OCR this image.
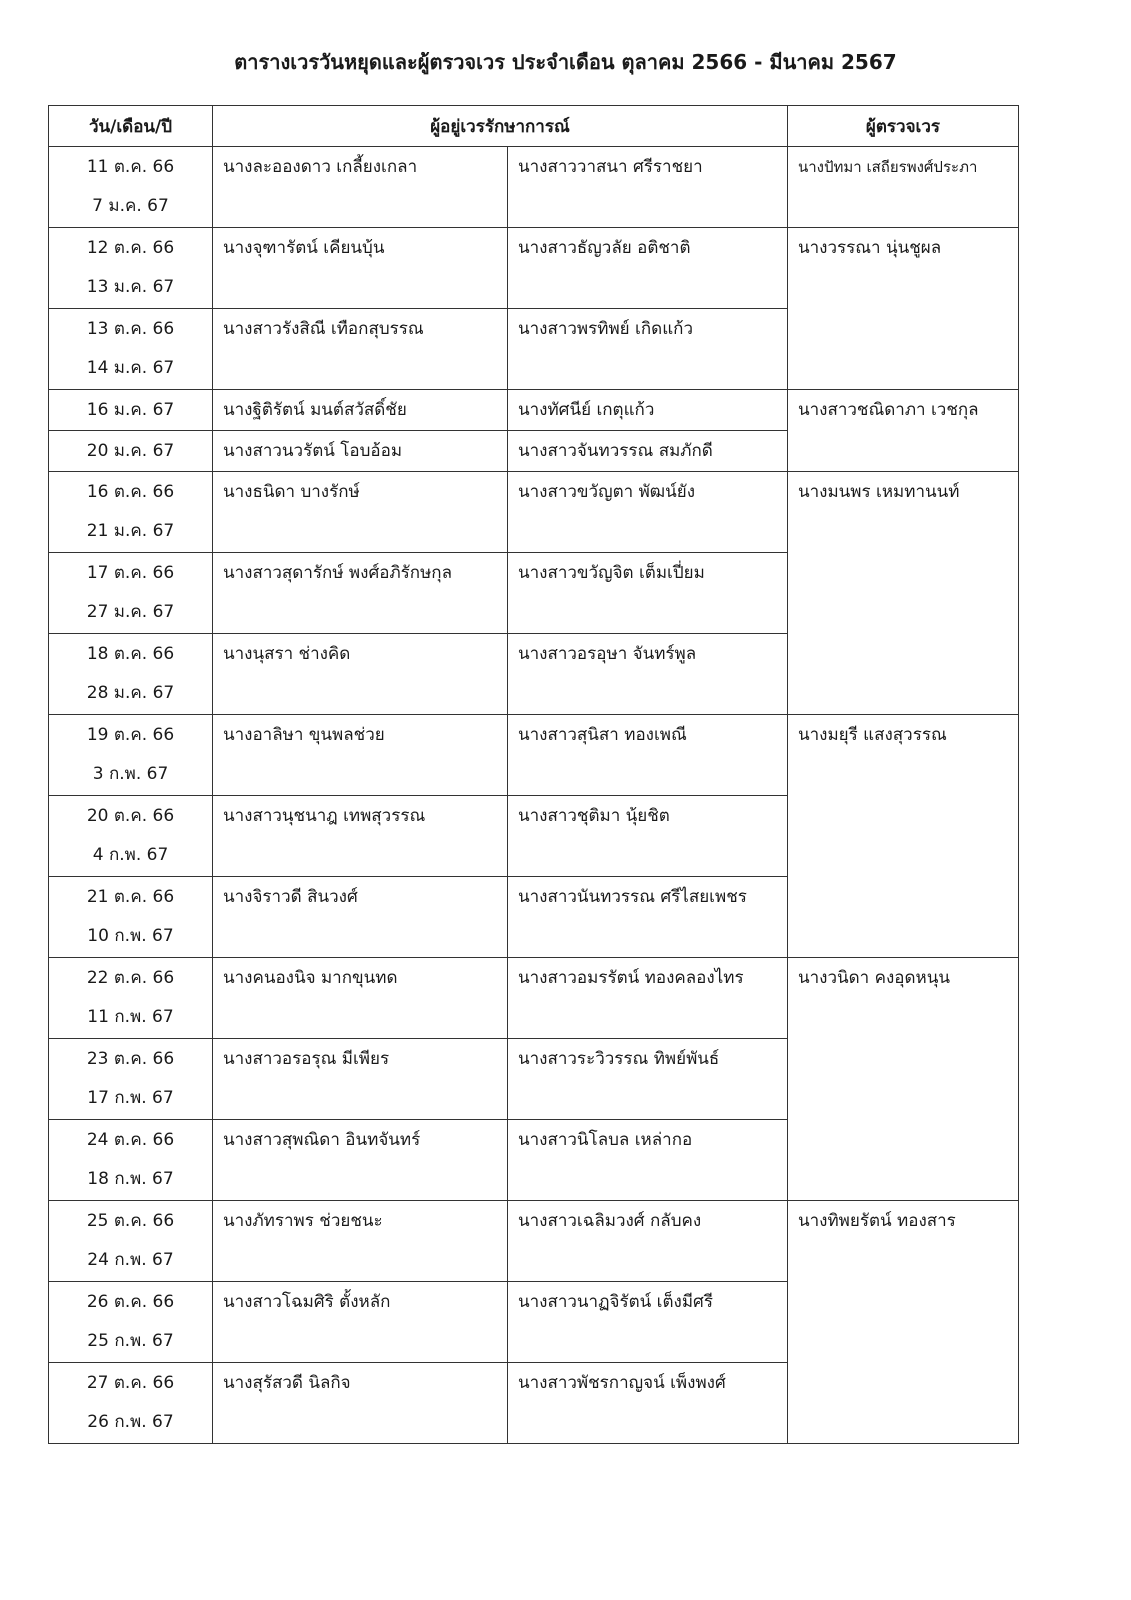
ตารางเวรวันหยุดและผู้ตรวจเวร ประจำเดือน ตุลาคม 2566 - มีนาคม 2567
วัน/เดือน/ปี	ผู้อยู่เวรรักษาการณ์		ผู้ตรวจเวร

11 ต.ค. 66
7 ม.ค. 67	นางละอองดาว เกลี้ยงเกลา	นางสาววาสนา ศรีราชยา	นางปัทมา เสถียรพงศ์ประภา

12 ต.ค. 66
13 ม.ค. 67	นางจุฑารัตน์ เคียนบุ้น	นางสาวธัญวลัย อติชาติ	นางวรรณา นุ่นชูผล

13 ต.ค. 66
14 ม.ค. 67	นางสาวรังสิณี เทือกสุบรรณ	นางสาวพรทิพย์ เกิดแก้ว	

16 ม.ค. 67	นางฐิติรัตน์ มนต์สวัสดิ์ชัย	นางทัศนีย์ เกตุแก้ว	นางสาวชณิดาภา เวชกุล

20 ม.ค. 67	นางสาวนวรัตน์ โอบอ้อม	นางสาวจันทวรรณ สมภักดี	

16 ต.ค. 66
21 ม.ค. 67	นางธนิดา บางรักษ์	นางสาวขวัญตา พัฒน์ยัง	นางมนพร เหมทานนท์

17 ต.ค. 66
27 ม.ค. 67	นางสาวสุดารักษ์ พงศ์อภิรักษกุล	นางสาวขวัญจิต เต็มเปี่ยม	

18 ต.ค. 66
28 ม.ค. 67	นางนุสรา ช่างคิด	นางสาวอรอุษา จันทร์พูล	

19 ต.ค. 66
3 ก.พ. 67	นางอาลิษา ขุนพลช่วย	นางสาวสุนิสา ทองเพณี	นางมยุรี แสงสุวรรณ

20 ต.ค. 66
4 ก.พ. 67	นางสาวนุชนาฎ เทพสุวรรณ	นางสาวชุติมา นุ้ยชิต	

21 ต.ค. 66
10 ก.พ. 67	นางจิราวดี สินวงศ์	นางสาวนันทวรรณ ศรีไสยเพชร	

22 ต.ค. 66
11 ก.พ. 67	นางคนองนิจ มากขุนทด	นางสาวอมรรัตน์ ทองคลองไทร	นางวนิดา คงอุดหนุน

23 ต.ค. 66
17 ก.พ. 67	นางสาวอรอรุณ มีเพียร	นางสาวระวิวรรณ ทิพย์พันธ์	

24 ต.ค. 66
18 ก.พ. 67	นางสาวสุพณิดา อินทจันทร์	นางสาวนิโลบล เหล่ากอ	

25 ต.ค. 66
24 ก.พ. 67	นางภัทราพร ช่วยชนะ	นางสาวเฉลิมวงศ์ กลับคง	นางทิพยรัตน์ ทองสาร

26 ต.ค. 66
25 ก.พ. 67	นางสาวโฉมศิริ ตั้งหลัก	นางสาวนาฏจิรัตน์ เต็งมีศรี	

27 ต.ค. 66
26 ก.พ. 67	นางสุรัสวดี นิลกิจ	นางสาวพัชรกาญจน์ เพ็งพงศ์	
